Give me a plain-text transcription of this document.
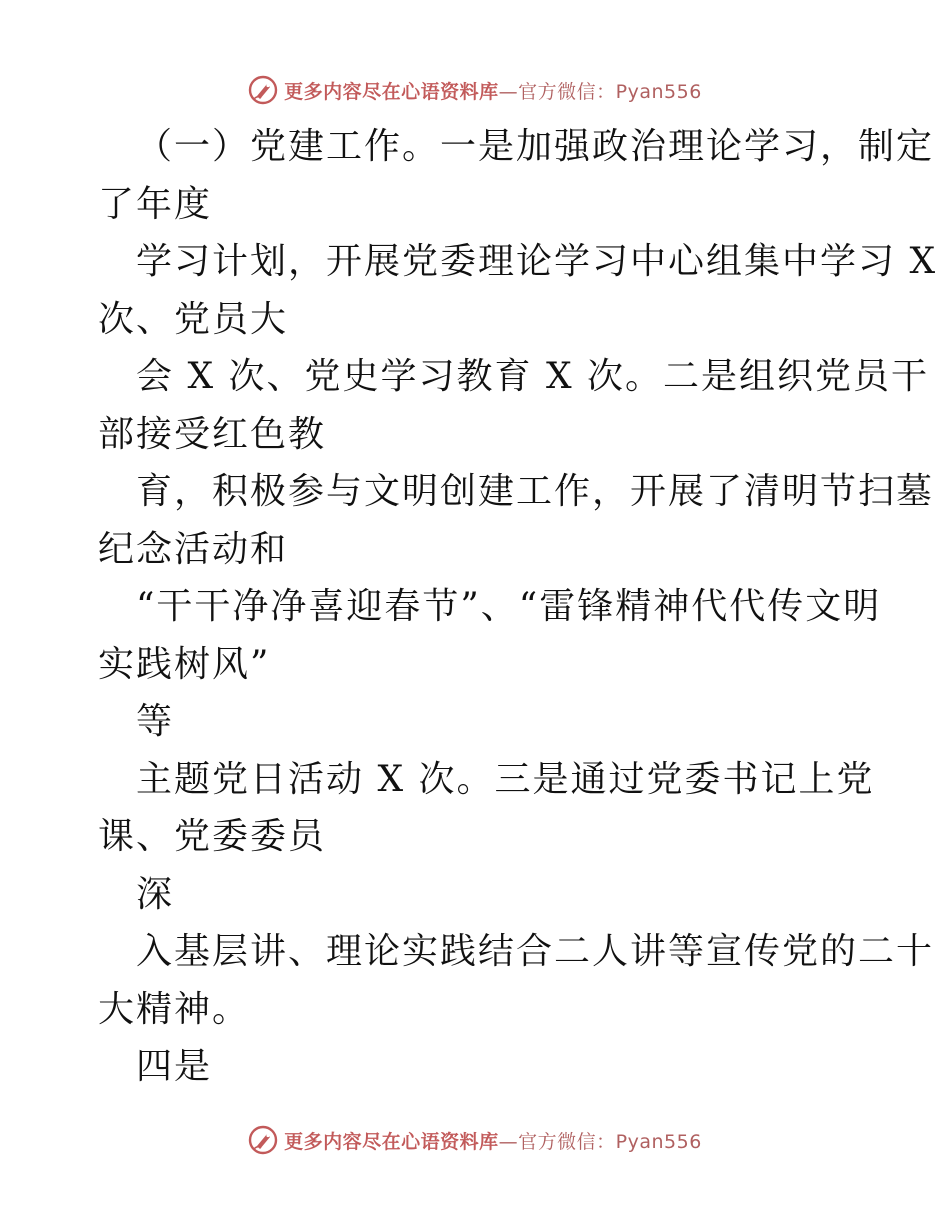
更多内容尽在心语资料库—官方微信：Pyan556
（一）党建工作。一是加强政治理论学习，制定
了年度
学习计划，开展党委理论学习中心组集中学习 X
次、党员大
会 X 次、党史学习教育 X 次。二是组织党员干
部接受红色教
育，积极参与文明创建工作，开展了清明节扫墓
纪念活动和
“干干净净喜迎春节”、“雷锋精神代代传文明
实践树风”
等
主题党日活动 X 次。三是通过党委书记上党
课、党委委员
深
入基层讲、理论实践结合二人讲等宣传党的二十
大精神。
四是
更多内容尽在心语资料库—官方微信：Pyan556
